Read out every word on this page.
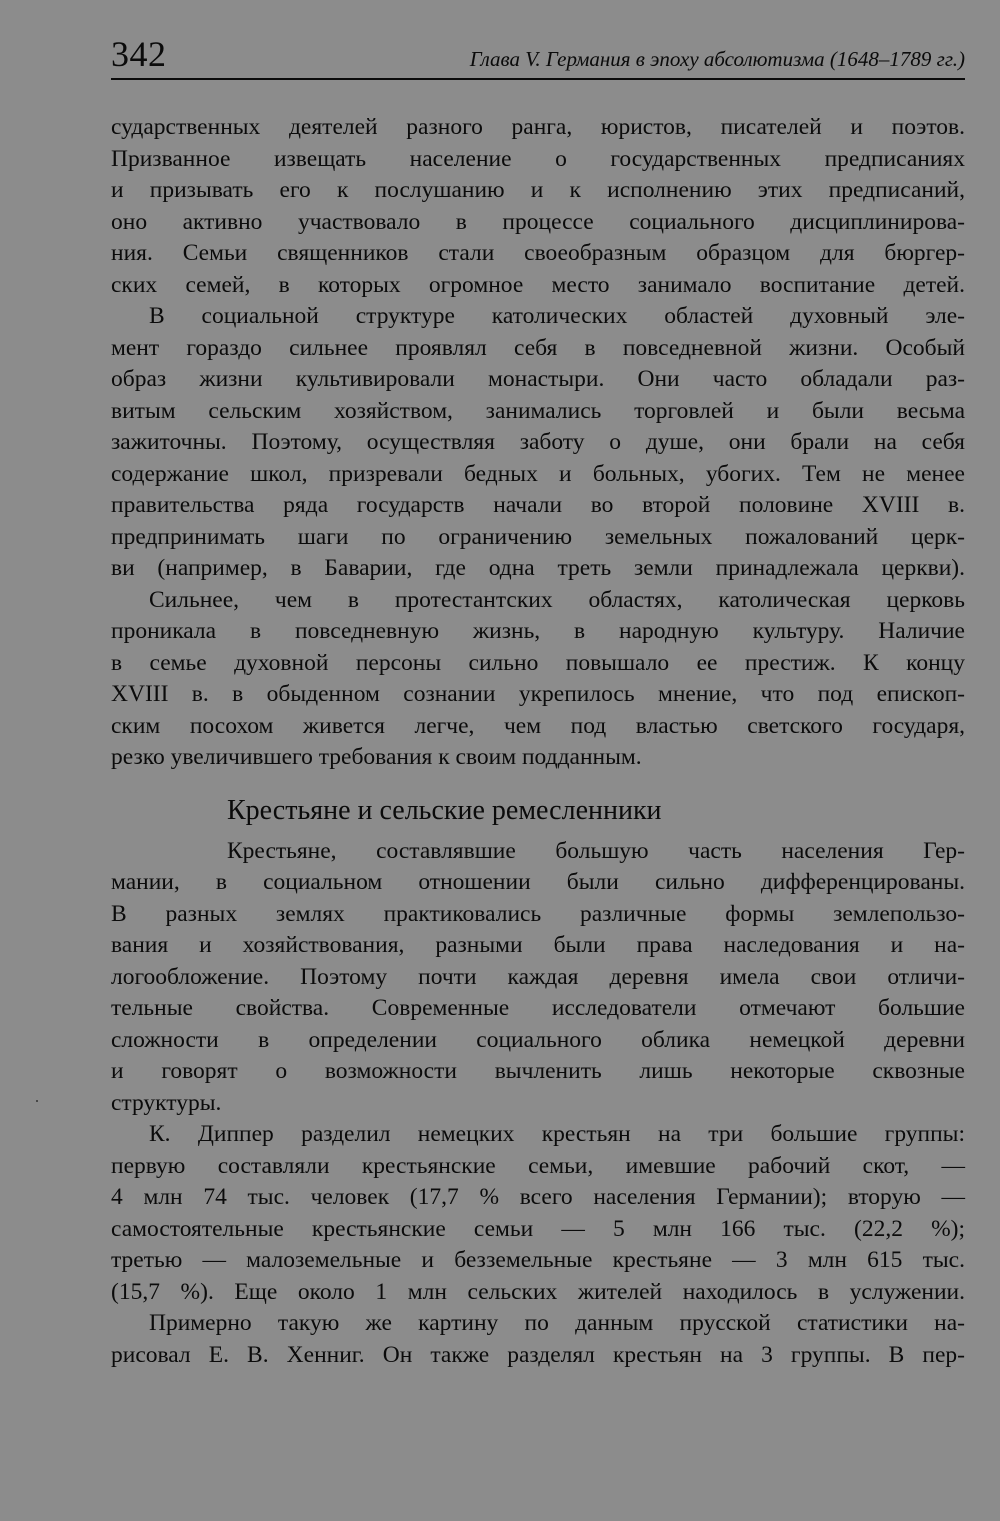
342	Глава V. Германия в эпоху абсолютизма (1648–1789 гг.)
сударственных деятелей разного ранга, юристов, писателей и поэтов.
Призванное извещать население о государственных предписаниях
и призывать его к послушанию и к исполнению этих предписаний,
оно активно участвовало в процессе социального дисциплинирова-
ния. Семьи священников стали своеобразным образцом для бюргер-
ских семей, в которых огромное место занимало воспитание детей.
В социальной структуре католических областей духовный эле-
мент гораздо сильнее проявлял себя в повседневной жизни. Особый
образ жизни культивировали монастыри. Они часто обладали раз-
витым сельским хозяйством, занимались торговлей и были весьма
зажиточны. Поэтому, осуществляя заботу о душе, они брали на себя
содержание школ, призревали бедных и больных, убогих. Тем не менее
правительства ряда государств начали во второй половине XVIII в.
предпринимать шаги по ограничению земельных пожалований церк-
ви (например, в Баварии, где одна треть земли принадлежала церкви).
Сильнее, чем в протестантских областях, католическая церковь
проникала в повседневную жизнь, в народную культуру. Наличие
в семье духовной персоны сильно повышало ее престиж. К концу
XVIII в. в обыденном сознании укрепилось мнение, что под епископ-
ским посохом живется легче, чем под властью светского государя,
резко увеличившего требования к своим подданным.
Крестьяне и сельские ремесленники
Крестьяне, составлявшие большую часть населения Гер-
мании, в социальном отношении были сильно дифференцированы.
В разных землях практиковались различные формы землепользо-
вания и хозяйствования, разными были права наследования и на-
логообложение. Поэтому почти каждая деревня имела свои отличи-
тельные свойства. Современные исследователи отмечают большие
сложности в определении социального облика немецкой деревни
и говорят о возможности вычленить лишь некоторые сквозные
структуры.
К. Диппер разделил немецких крестьян на три большие группы:
первую составляли крестьянские семьи, имевшие рабочий скот, —
4 млн 74 тыс. человек (17,7 % всего населения Германии); вторую —
самостоятельные крестьянские семьи — 5 млн 166 тыс. (22,2 %);
третью — малоземельные и безземельные крестьяне — 3 млн 615 тыс.
(15,7 %). Еще около 1 млн сельских жителей находилось в услужении.
Примерно такую же картину по данным прусской статистики на-
рисовал Е. В. Хенниг. Он также разделял крестьян на 3 группы. В пер-
